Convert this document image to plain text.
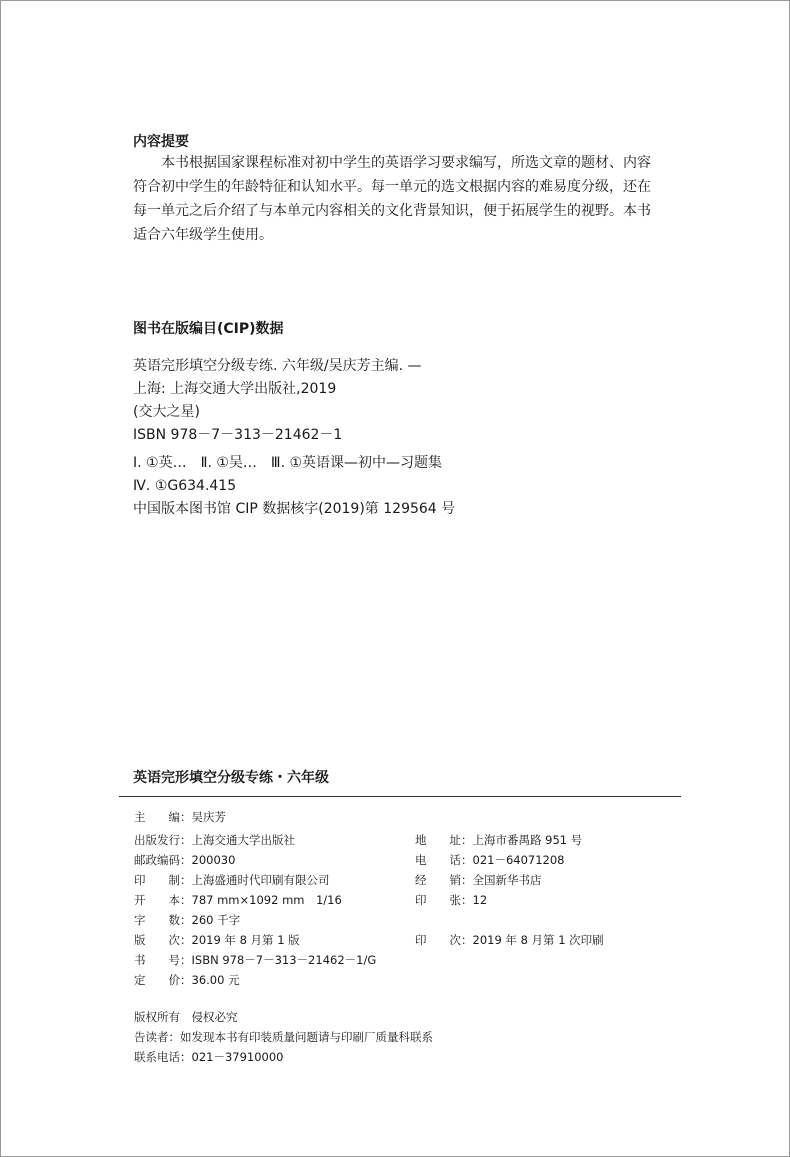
内容提要
　　本书根据国家课程标准对初中学生的英语学习要求编写，所选文章的题材、内容
符合初中学生的年龄特征和认知水平。每一单元的选文根据内容的难易度分级，还在
每一单元之后介绍了与本单元内容相关的文化背景知识，便于拓展学生的视野。本书
适合六年级学生使用。
图书在版编目(CIP)数据
英语完形填空分级专练. 六年级/吴庆芳主编. —
上海: 上海交通大学出版社,2019
(交大之星)
ISBN 978－7－313－21462－1
Ⅰ. ①英…　Ⅱ. ①吴…　Ⅲ. ①英语课—初中—习题集
Ⅳ. ①G634.415
中国版本图书馆 CIP 数据核字(2019)第 129564 号
英语完形填空分级专练・六年级
主　　编：吴庆芳
出版发行：上海交通大学出版社
邮政编码：200030
印　　制：上海盛通时代印刷有限公司
开　　本：787 mm×1092 mm　1/16
字　　数：260 千字
版　　次：2019 年 8 月第 1 版
书　　号：ISBN 978－7－313－21462－1/G
定　　价：36.00 元
地　　址：上海市番禺路 951 号
电　　话：021－64071208
经　　销：全国新华书店
印　　张：12
印　　次：2019 年 8 月第 1 次印刷
版权所有　侵权必究
告读者：如发现本书有印装质量问题请与印刷厂质量科联系
联系电话：021－37910000
